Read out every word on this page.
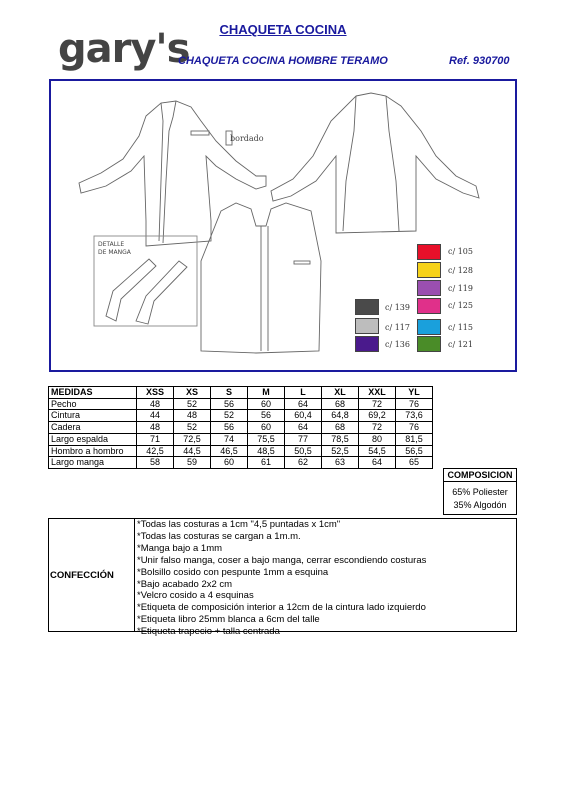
CHAQUETA COCINA
gary's
CHAQUETA COCINA HOMBRE TERAMO	Ref. 930700
bordado
DETALLE
DE MANGA	c/ 105
c/ 128
c/ 119
c/ 125
c/ 115
c/ 121
c/ 139
c/ 117
c/ 136
MEDIDAS	XSS	XS	S	M	L	XL	XXL	YL
Pecho	48	52	56	60	64	68	72	76
Cintura	44	48	52	56	60,4	64,8	69,2	73,6
Cadera	48	52	56	60	64	68	72	76
Largo espalda	71	72,5	74	75,5	77	78,5	80	81,5
Hombro a hombro	42,5	44,5	46,5	48,5	50,5	52,5	54,5	56,5
Largo manga	58	59	60	61	62	63	64	65
COMPOSICION
65% Poliester
35% Algodón
CONFECCIÓN
*Todas las costuras a 1cm "4,5 puntadas x 1cm"
*Todas las costuras se cargan a 1m.m.
*Manga bajo a 1mm
*Unir falso manga, coser a bajo manga, cerrar escondiendo costuras
*Bolsillo cosido con pespunte 1mm a esquina
*Bajo acabado 2x2 cm
*Velcro cosido a 4 esquinas
*Etiqueta de composición interior a 12cm de la cintura lado izquierdo
*Etiqueta libro 25mm blanca a 6cm del talle
*Etiqueta trapecio + talla centrada
